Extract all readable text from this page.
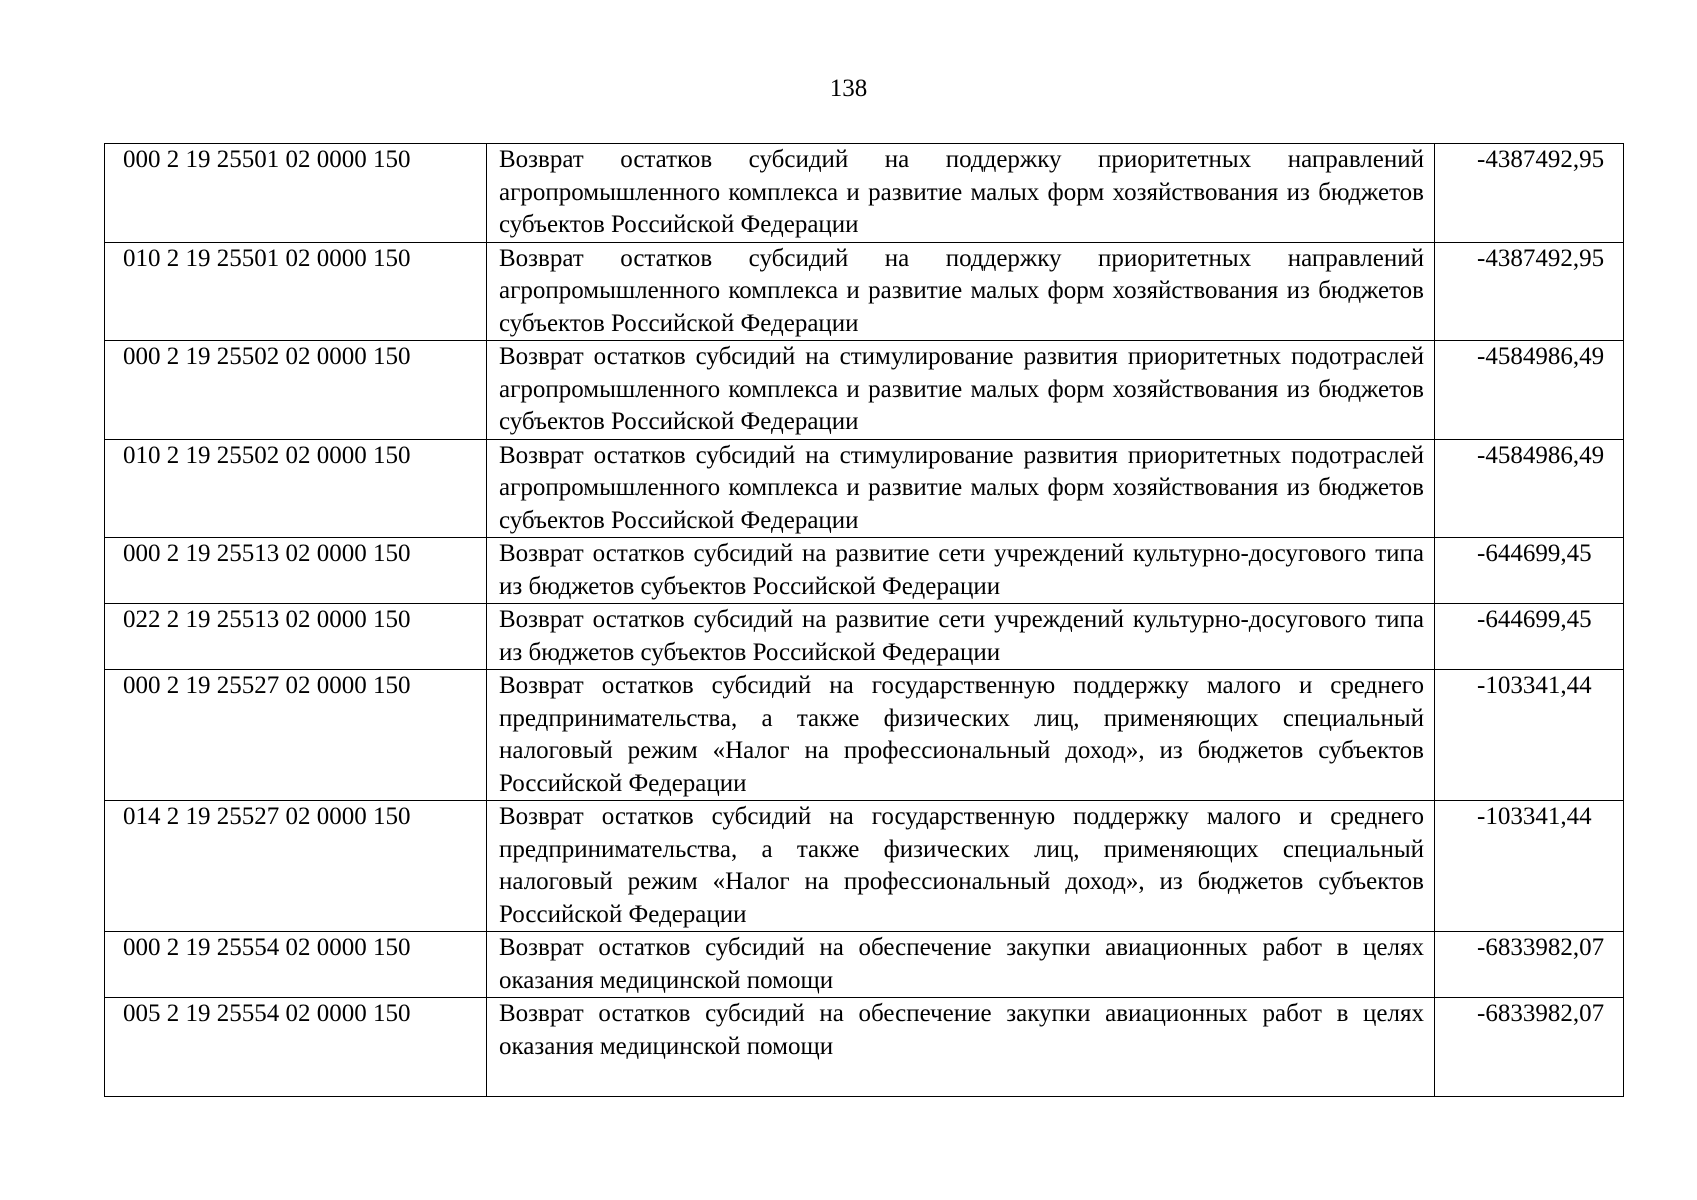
138
000 2 19 25501 02 0000 150	Возврат остатков субсидий на поддержку приоритетных направлений агропромышленного комплекса и развитие малых форм хозяйствования из бюджетов субъектов Российской Федерации	-4387492,95
010 2 19 25501 02 0000 150	Возврат остатков субсидий на поддержку приоритетных направлений агропромышленного комплекса и развитие малых форм хозяйствования из бюджетов субъектов Российской Федерации	-4387492,95
000 2 19 25502 02 0000 150	Возврат остатков субсидий на стимулирование развития приоритетных подотраслей агропромышленного комплекса и развитие малых форм хозяйствования из бюджетов субъектов Российской Федерации	-4584986,49
010 2 19 25502 02 0000 150	Возврат остатков субсидий на стимулирование развития приоритетных подотраслей агропромышленного комплекса и развитие малых форм хозяйствования из бюджетов субъектов Российской Федерации	-4584986,49
000 2 19 25513 02 0000 150	Возврат остатков субсидий на развитие сети учреждений культурно-досугового типа из бюджетов субъектов Российской Федерации	-644699,45
022 2 19 25513 02 0000 150	Возврат остатков субсидий на развитие сети учреждений культурно-досугового типа из бюджетов субъектов Российской Федерации	-644699,45
000 2 19 25527 02 0000 150	Возврат остатков субсидий на государственную поддержку малого и среднего предпринимательства, а также физических лиц, применяющих специальный налоговый режим «Налог на профессиональный доход», из бюджетов субъектов Российской Федерации	-103341,44
014 2 19 25527 02 0000 150	Возврат остатков субсидий на государственную поддержку малого и среднего предпринимательства, а также физических лиц, применяющих специальный налоговый режим «Налог на профессиональный доход», из бюджетов субъектов Российской Федерации	-103341,44
000 2 19 25554 02 0000 150	Возврат остатков субсидий на обеспечение закупки авиационных работ в целях оказания медицинской помощи	-6833982,07
005 2 19 25554 02 0000 150	Возврат остатков субсидий на обеспечение закупки авиационных работ в целях оказания медицинской помощи	-6833982,07
